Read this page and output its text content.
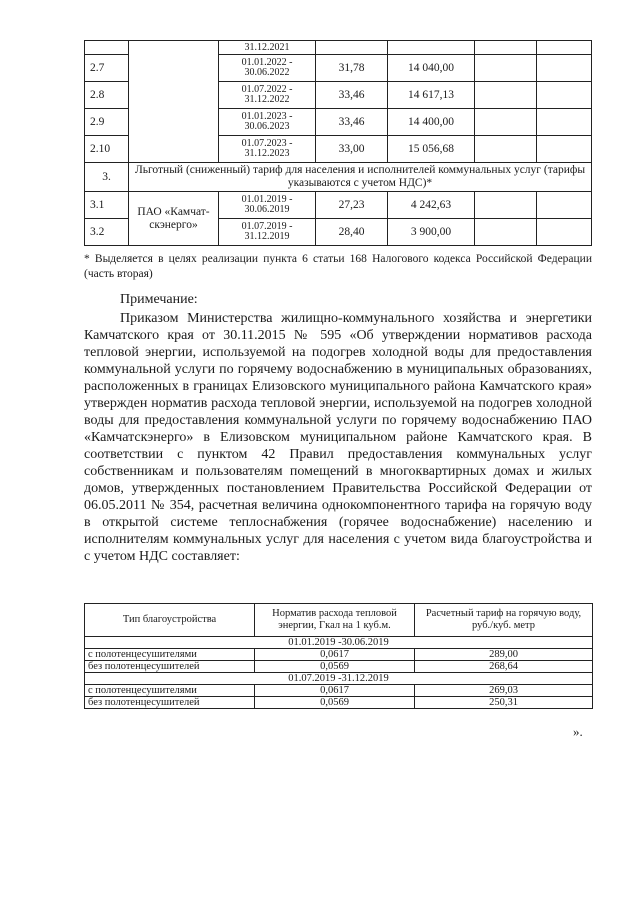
		31.12.2021				
2.7		01.01.2022 - 30.06.2022	31,78	14 040,00		
2.8		01.07.2022 - 31.12.2022	33,46	14 617,13		
2.9		01.01.2023 - 30.06.2023	33,46	14 400,00		
2.10		01.07.2023 - 31.12.2023	33,00	15 056,68		
3.	Льготный (сниженный) тариф для населения и исполнителей коммунальных услуг (тарифы указываются с учетом НДС)*					
3.1	ПАО «Камчат-скэнерго»	01.01.2019 - 30.06.2019	27,23	4 242,63		
3.2		01.07.2019 - 31.12.2019	28,40	3 900,00		
* Выделяется в целях реализации пункта 6 статьи 168 Налогового кодекса Российской Федерации (часть вторая)
Примечание:

Приказом Министерства жилищно-коммунального хозяйства и энергетики Камчатского края от 30.11.2015 № 595 «Об утверждении нормативов расхода тепловой энергии, используемой на подогрев холодной воды для предоставления коммунальной услуги по горячему водоснабжению в муниципальных образованиях, расположенных в границах Елизовского муниципального района Камчатского края» утвержден норматив расхода тепловой энергии, используемой на подогрев холодной воды для предоставления коммунальной услуги по горячему водоснабжению ПАО «Камчатскэнерго» в Елизовском муниципальном районе Камчатского края. В соответствии с пунктом 42 Правил предоставления коммунальных услуг собственникам и пользователям помещений в многоквартирных домах и жилых домов, утвержденных постановлением Правительства Российской Федерации от 06.05.2011 № 354, расчетная величина однокомпонентного тарифа на горячую воду в открытой системе теплоснабжения (горячее водоснабжение) населению и исполнителям коммунальных услуг для населения с учетом вида благоустройства и с учетом НДС составляет:

Тип благоустройства	Норматив расхода тепловой энергии, Гкал на 1 куб.м.	Расчетный тариф на горячую воду, руб./куб. метр
01.01.2019 -30.06.2019		
с полотенцесушителями	0,0617	289,00
без полотенцесушителей	0,0569	268,64
01.07.2019 -31.12.2019		
с полотенцесушителями	0,0617	269,03
без полотенцесушителей	0,0569	250,31
».
